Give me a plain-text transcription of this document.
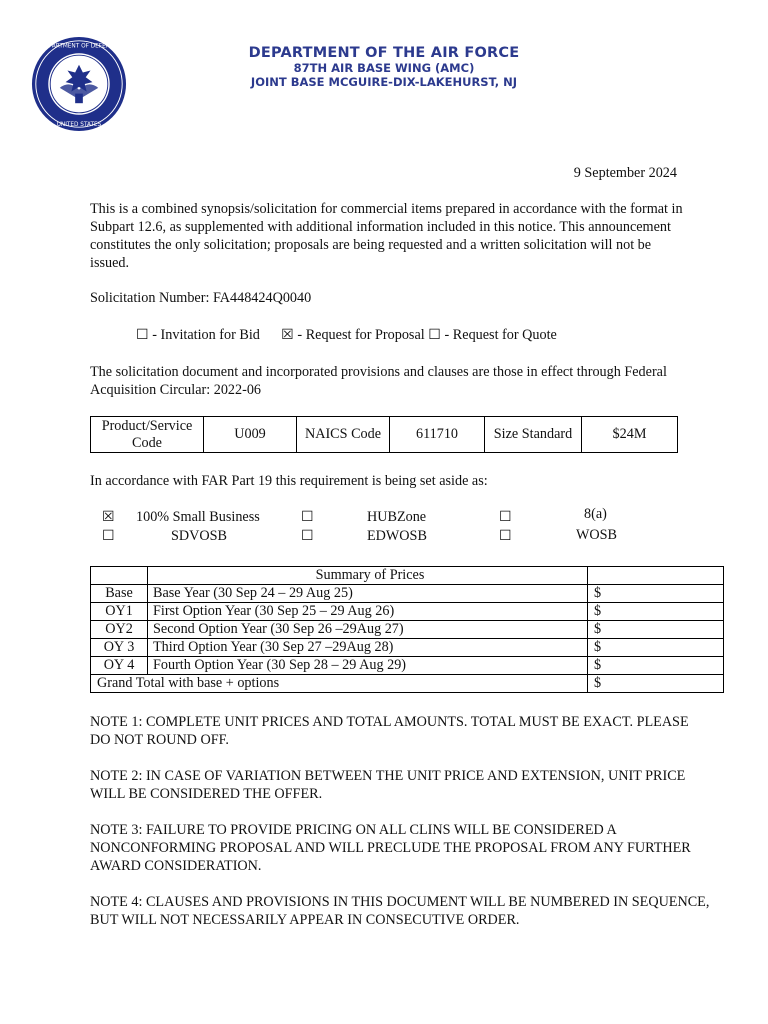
DEPARTMENT OF DEFENSE
UNITED STATES
DEPARTMENT OF THE AIR FORCE
87TH AIR BASE WING (AMC)
JOINT BASE MCGUIRE-DIX-LAKEHURST, NJ
9 September 2024
This is a combined synopsis/solicitation for commercial items prepared in accordance with the format in Subpart 12.6, as supplemented with additional information included in this notice. This announcement constitutes the only solicitation; proposals are being requested and a written solicitation will not be issued.
Solicitation Number: FA448424Q0040
☐ - Invitation for Bid ☒ - Request for Proposal ☐ - Request for Quote
The solicitation document and incorporated provisions and clauses are those in effect through Federal Acquisition Circular: 2022-06
Product/Service Code	U009	NAICS Code	611710	Size Standard	$24M
In accordance with FAR Part 19 this requirement is being set aside as:
☒ 100% Small Business	☐	HUBZone	☐	8(a)
☐	SDVOSB	☐	EDWOSB	☐	WOSB
	Summary of Prices	
Base	Base Year (30 Sep 24 – 29 Aug 25)	$
OY1	First Option Year (30 Sep 25 – 29 Aug 26)	$
OY2	Second Option Year (30 Sep 26 –29Aug 27)	$
OY 3	Third Option Year (30 Sep 27 –29Aug 28)	$
OY 4	Fourth Option Year (30 Sep 28 – 29 Aug 29)	$
Grand Total with base + options		$
NOTE 1: COMPLETE UNIT PRICES AND TOTAL AMOUNTS. TOTAL MUST BE EXACT. PLEASE DO NOT ROUND OFF.
NOTE 2: IN CASE OF VARIATION BETWEEN THE UNIT PRICE AND EXTENSION, UNIT PRICE WILL BE CONSIDERED THE OFFER.
NOTE 3: FAILURE TO PROVIDE PRICING ON ALL CLINS WILL BE CONSIDERED A NONCONFORMING PROPOSAL AND WILL PRECLUDE THE PROPOSAL FROM ANY FURTHER AWARD CONSIDERATION.
NOTE 4: CLAUSES AND PROVISIONS IN THIS DOCUMENT WILL BE NUMBERED IN SEQUENCE, BUT WILL NOT NECESSARILY APPEAR IN CONSECUTIVE ORDER.
